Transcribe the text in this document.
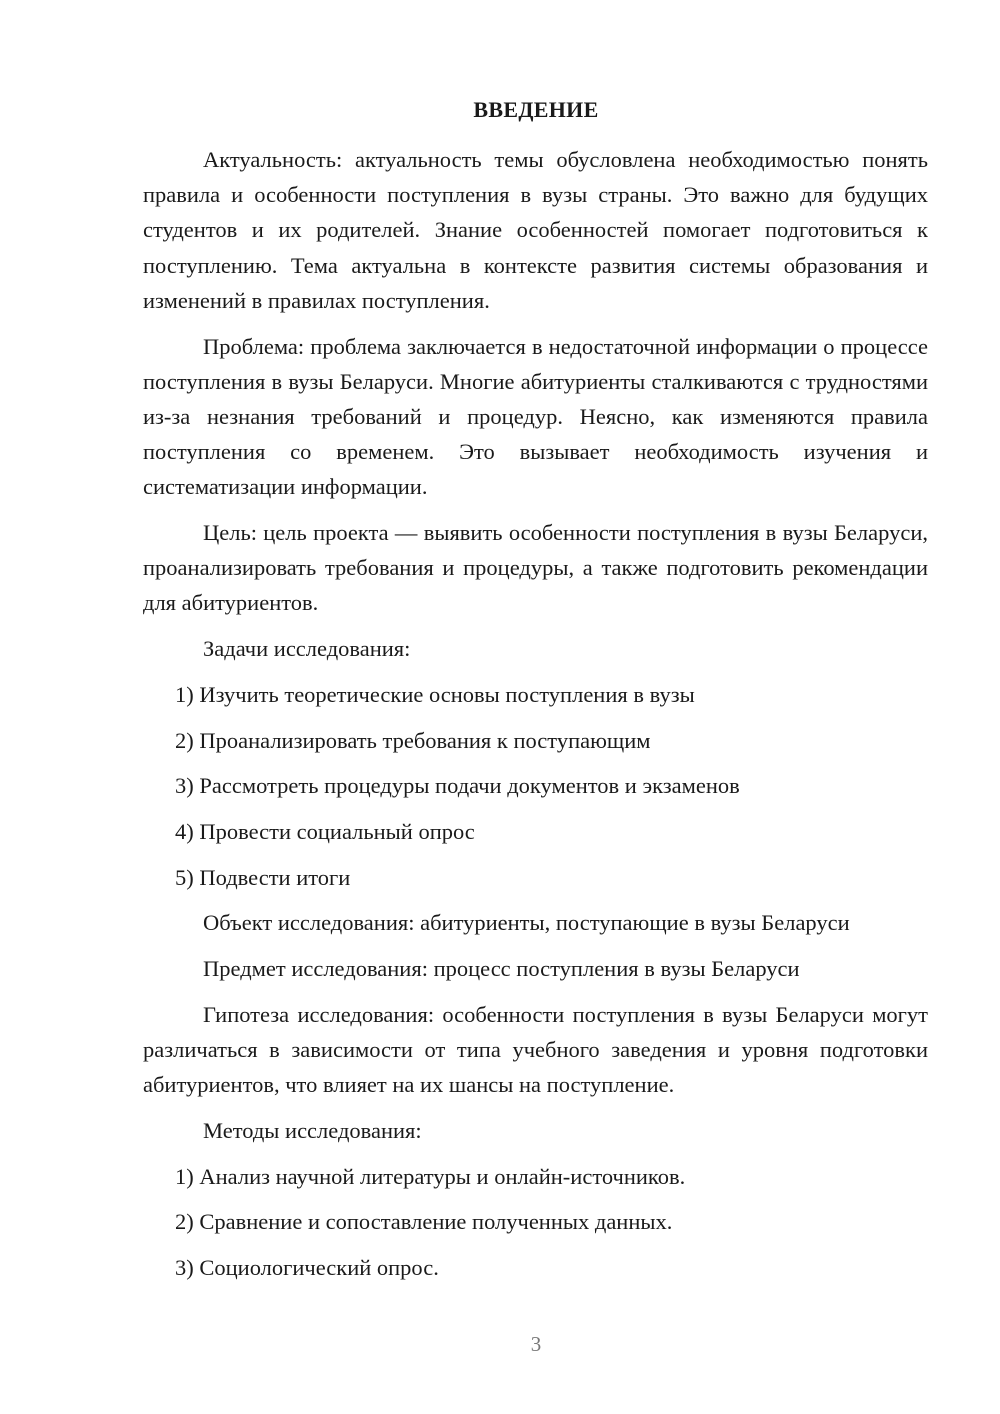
ВВЕДЕНИЕ

Актуальность: актуальность темы обусловлена необходимостью понять правила и особенности поступления в вузы страны. Это важно для будущих студентов и их родителей. Знание особенностей помогает подготовиться к поступлению. Тема актуальна в контексте развития системы образования и изменений в правилах поступления.

Проблема: проблема заключается в недостаточной информации о процессе поступления в вузы Беларуси. Многие абитуриенты сталкиваются с трудностями из-за незнания требований и процедур. Неясно, как изменяются правила поступления со временем. Это вызывает необходимость изучения и систематизации информации.

Цель: цель проекта — выявить особенности поступления в вузы Беларуси, проанализировать требования и процедуры, а также подготовить рекомендации для абитуриентов.

Задачи исследования:

1) Изучить теоретические основы поступления в вузы

2) Проанализировать требования к поступающим

3) Рассмотреть процедуры подачи документов и экзаменов

4) Провести социальный опрос

5) Подвести итоги

Объект исследования: абитуриенты, поступающие в вузы Беларуси

Предмет исследования: процесс поступления в вузы Беларуси

Гипотеза исследования: особенности поступления в вузы Беларуси могут различаться в зависимости от типа учебного заведения и уровня подготовки абитуриентов, что влияет на их шансы на поступление.

Методы исследования:

1) Анализ научной литературы и онлайн-источников.

2) Сравнение и сопоставление полученных данных.

3) Социологический опрос.

3
